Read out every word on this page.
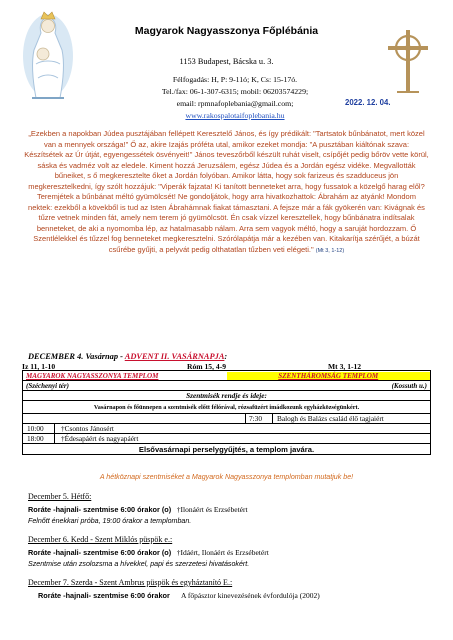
Magyarok Nagyasszonya Főplébánia
1153 Budapest, Bácska u. 3.
Félfogadás: H, P: 9-11ó; K, Cs: 15-17ó.
Tel./fax: 06-1-307-6315; mobil: 06203574229;
email: rpmnafoplebania@gmail.com;
www.rakospalotaifoplebania.hu
2022. 12. 04.
„Ezekben a napokban Júdea pusztájában fellépett Keresztelő János, és így prédikált: "Tartsatok bűnbánatot, mert közel van a mennyek országa!" Ő az, akire Izajás próféta utal, amikor ezeket mondja: "A pusztában kiáltónak szava: Készítsétek az Úr útját, egyengessétek ösvényeit!" János teveszőrből készült ruhát viselt, csípőjét pedig bőröv vette körül, sáska és vadméz volt az eledele. Kiment hozzá Jeruzsálem, egész Júdea és a Jordán egész vidéke. Megvallották bűneiket, s ő megkeresztelte őket a Jordán folyóban. Amikor látta, hogy sok farizeus és szadduceus jön megkeresztelkedni, így szólt hozzájuk: "Viperák fajzata! Ki tanított benneteket arra, hogy fussatok a közelgő harag elől? Teremjétek a bűnbánat méltó gyümölcsét! Ne gondoljátok, hogy arra hivatkozhattok: Ábrahám az atyánk! Mondom nektek: ezekből a kövekből is tud az Isten Ábrahámnak fiakat támasztani. A fejsze már a fák gyökerén van: Kivágnak és tűzre vetnek minden fát, amely nem terem jó gyümölcsöt. Én csak vízzel keresztellek, hogy bűnbánatra indítsalak benneteket, de aki a nyomomba lép, az hatalmasabb nálam. Arra sem vagyok méltó, hogy a saruját hordozzam. Ő Szentlélekkel és tűzzel fog benneteket megkeresztelni. Szórólapátja már a kezében van. Kitakarítja szérűjét, a búzát csűrébe gyűjti, a pelyvát pedig olthatatlan tűzben veti elégeti." (Mt 3, 1-12)
DECEMBER 4. Vasárnap - ADVENT II. VASÁRNAPJA:
Iz 11, 1-10	Róm 15, 4-9	Mt 3, 1-12
MAGYAROK NAGYASSZONYA TEMPLOM	SZENTHÁROMSÁG TEMPLOM
(Széchenyi tér)	(Kossuth u.)
Szentmisék rendje és ideje:
Vasárnapon és főünnepen a szentmisék előtt félórával, rózsafüzért imádkozunk egyházközségünkért.
7:30	Balogh és Balázs család élő tagjaiért
10:00	†Csontos Jánosért
18:00	†Édesapáért és nagyapáért
Elsővasárnapi perselygyűjtés, a templom javára.
A hétköznapi szentmiséket a Magyarok Nagyasszonya templomban mutatjuk be!
December 5. Hétfő:
Roráte -hajnali- szentmise 6:00 órakor (o) †Ilonáért és Erzsébetért
Felnőtt énekkari próba, 19:00 órakor a templomban.
December 6. Kedd - Szent Miklós püspök e.:
Roráte -hajnali- szentmise 6:00 órakor (o) †Idáért, Ilonáért és Erzsébetért
Szentmise után zsolozsma a hívekkel, papi és szerzetesi hivatásokért.
December 7. Szerda - Szent Ambrus püspök és egyháztanító E.:
Roráte -hajnali- szentmise 6:00 órakor A főpásztor kinevezésének évfordulója (2002)
